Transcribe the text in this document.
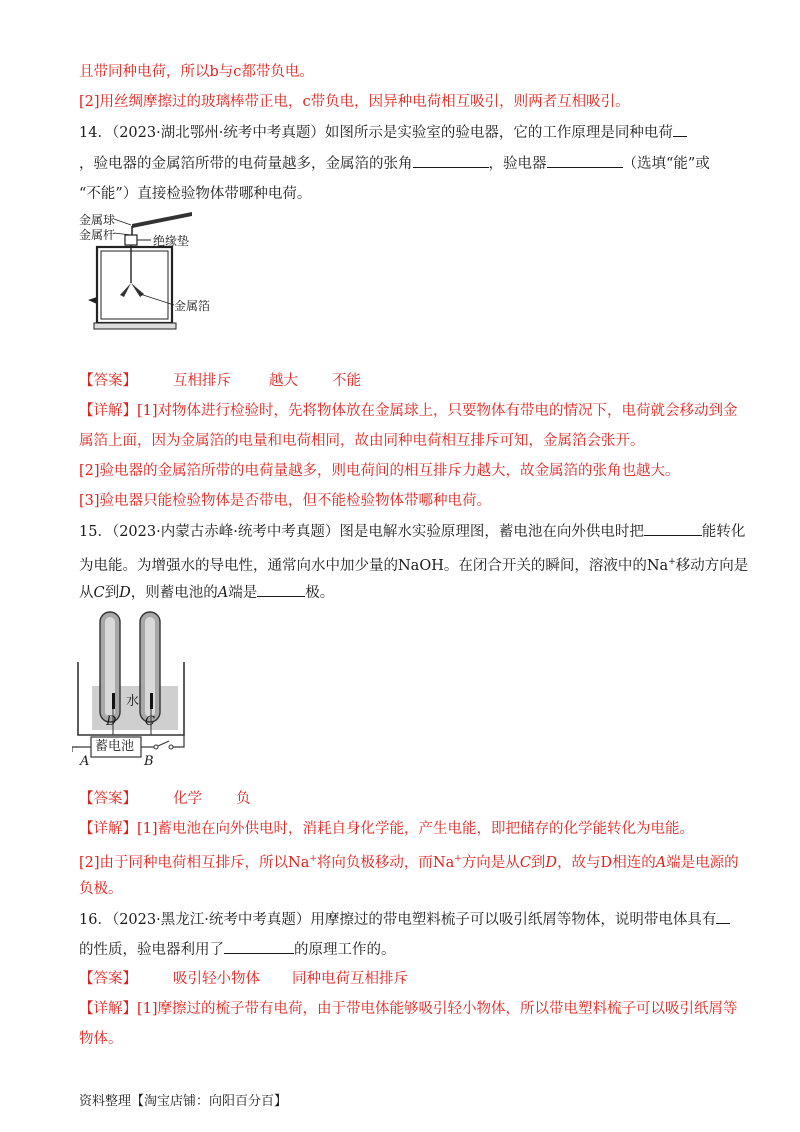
且带同种电荷，所以b与c都带负电。
[2]用丝绸摩擦过的玻璃棒带正电，c带负电，因异种电荷相互吸引，则两者互相吸引。
14．（2023·湖北鄂州·统考中考真题）如图所示是实验室的验电器，它的工作原理是同种电荷
，验电器的金属箔所带的电荷量越多，金属箔的张角	，验电器	（选填“能”或
“不能”）直接检验物体带哪种电荷。
金属球
金属杆	绝缘垫
金属箔
【答案】 互相排斥	越大 不能
【详解】[1]对物体进行检验时，先将物体放在金属球上，只要物体有带电的情况下，电荷就会移动到金
属箔上面，因为金属箔的电量和电荷相同，故由同种电荷相互排斥可知，金属箔会张开。
[2]验电器的金属箔所带的电荷量越多，则电荷间的相互排斥力越大，故金属箔的张角也越大。
[3]验电器只能检验物体是否带电，但不能检验物体带哪种电荷。
15．（2023·内蒙古赤峰·统考中考真题）图是电解水实验原理图，蓄电池在向外供电时把	能转化
为电能。为增强水的导电性，通常向水中加少量的NaOH。在闭合开关的瞬间，溶液中的Na+移动方向是
从C到D，则蓄电池的A端是	极。
水
D C
蓄电池
A	B
【答案】 化学 负
【详解】[1]蓄电池在向外供电时，消耗自身化学能，产生电能，即把储存的化学能转化为电能。
[2]由于同种电荷相互排斥，所以Na+将向负极移动，而Na+方向是从C到D，故与D相连的A端是电源的
负极。
16．（2023·黑龙江·统考中考真题）用摩擦过的带电塑料梳子可以吸引纸屑等物体，说明带电体具有
的性质，验电器利用了	的原理工作的。
【答案】 吸引轻小物体 同种电荷互相排斥
【详解】[1]摩擦过的梳子带有电荷，由于带电体能够吸引轻小物体，所以带电塑料梳子可以吸引纸屑等
物体。
资料整理【淘宝店铺：向阳百分百】
